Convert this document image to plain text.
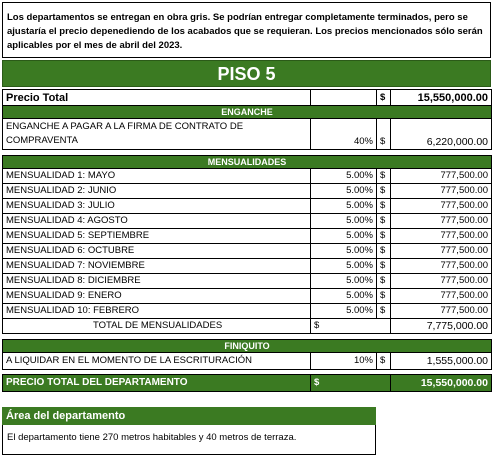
Los departamentos se entregan en obra gris. Se podrían entregar completamente terminados, pero se ajustaría el precio depenediendo de los acabados que se requieran. Los precios mencionados sólo serán aplicables por el mes de abril del 2023.
PISO 5
Precio Total		$	15,550,000.00
ENGANCHE			

ENGANCHE A PAGAR A LA FIRMA DE CONTRATO DE
COMPRAVENTA	40%	$	6,220,000.00

MENSUALIDADES			
MENSUALIDAD 1: MAYO	5.00%	$	777,500.00
MENSUALIDAD 2: JUNIO	5.00%	$	777,500.00
MENSUALIDAD 3: JULIO	5.00%	$	777,500.00
MENSUALIDAD 4: AGOSTO	5.00%	$	777,500.00
MENSUALIDAD 5: SEPTIEMBRE	5.00%	$	777,500.00
MENSUALIDAD 6: OCTUBRE	5.00%	$	777,500.00
MENSUALIDAD 7: NOVIEMBRE	5.00%	$	777,500.00
MENSUALIDAD 8: DICIEMBRE	5.00%	$	777,500.00
MENSUALIDAD 9: ENERO	5.00%	$	777,500.00
MENSUALIDAD 10: FEBRERO	5.00%	$	777,500.00
TOTAL DE MENSUALIDADES	$		7,775,000.00

FINIQUITO			
A LIQUIDAR EN EL MOMENTO DE LA ESCRITURACIÓN	10%	$	1,555,000.00

PRECIO TOTAL DEL DEPARTAMENTO	$		15,550,000.00
Área del departamento
El departamento tiene 270 metros habitables y 40 metros de terraza.
